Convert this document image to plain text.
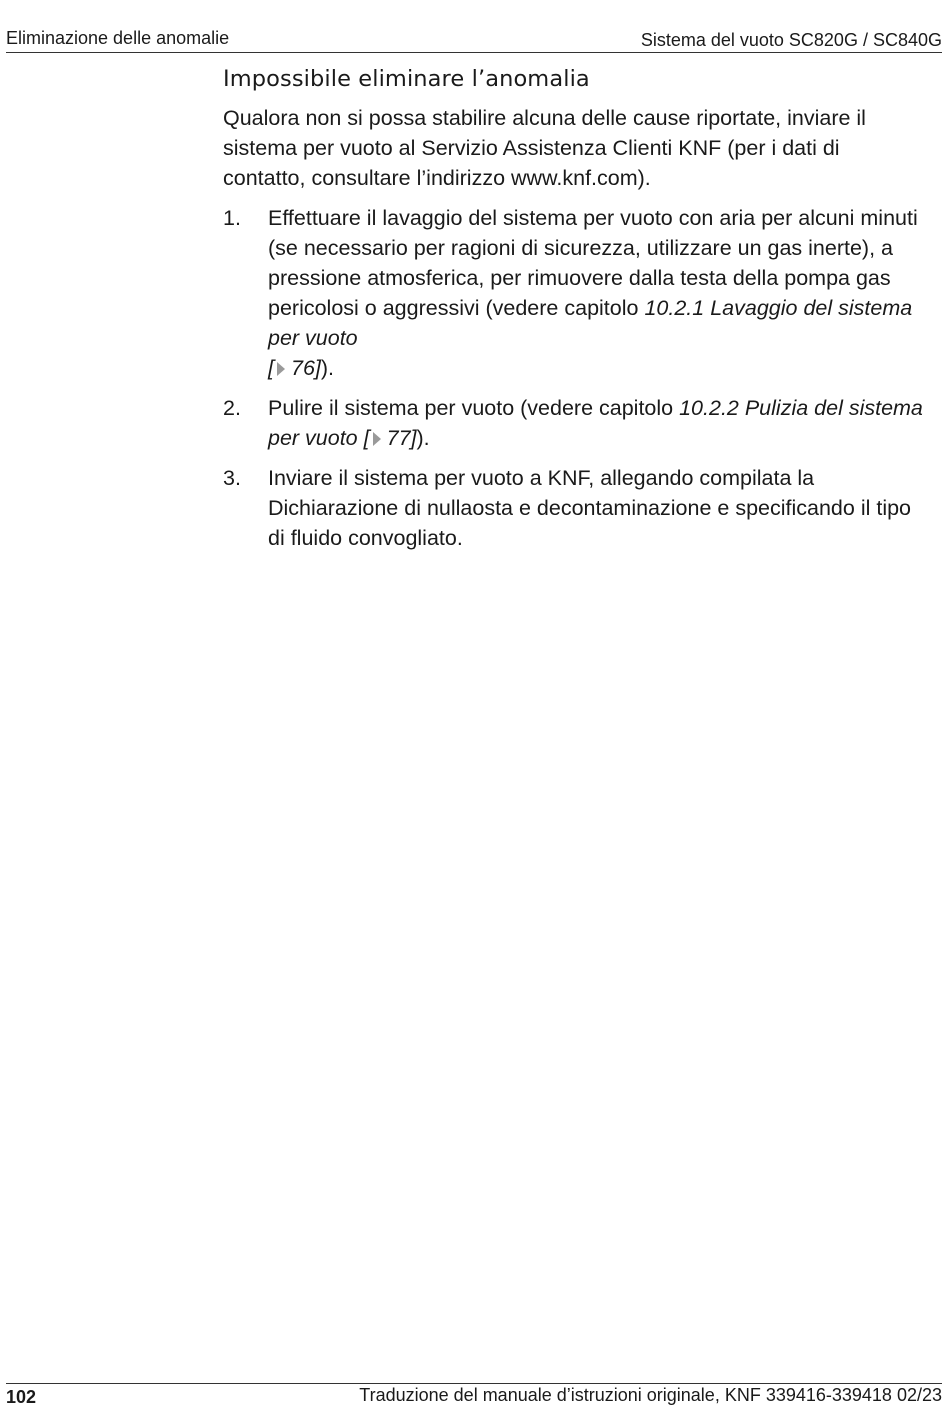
Eliminazione delle anomalie	Sistema del vuoto SC820G / SC840G
Impossibile eliminare l’anomalia

Qualora non si possa stabilire alcuna delle cause riportate, inviare il sistema per vuoto al Servizio Assistenza Clienti KNF (per i dati di contatto, consultare l’indirizzo www.knf.com).

1. Effettuare il lavaggio del sistema per vuoto con aria per alcuni minuti (se necessario per ragioni di sicurezza, utilizzare un gas inerte), a pressione atmosferica, per rimuovere dalla testa della pompa gas pericolosi o aggressivi (vedere capitolo 10.2.1 Lavaggio del sistema per vuoto
[ 76]).
2. Pulire il sistema per vuoto (vedere capitolo 10.2.2 Pulizia del sistema per vuoto [ 77]).
3. Inviare il sistema per vuoto a KNF, allegando compilata la Dichiarazione di nullaosta e decontaminazione e specificando il tipo di fluido convogliato.
102	Traduzione del manuale d’istruzioni originale, KNF 339416-339418 02/23
